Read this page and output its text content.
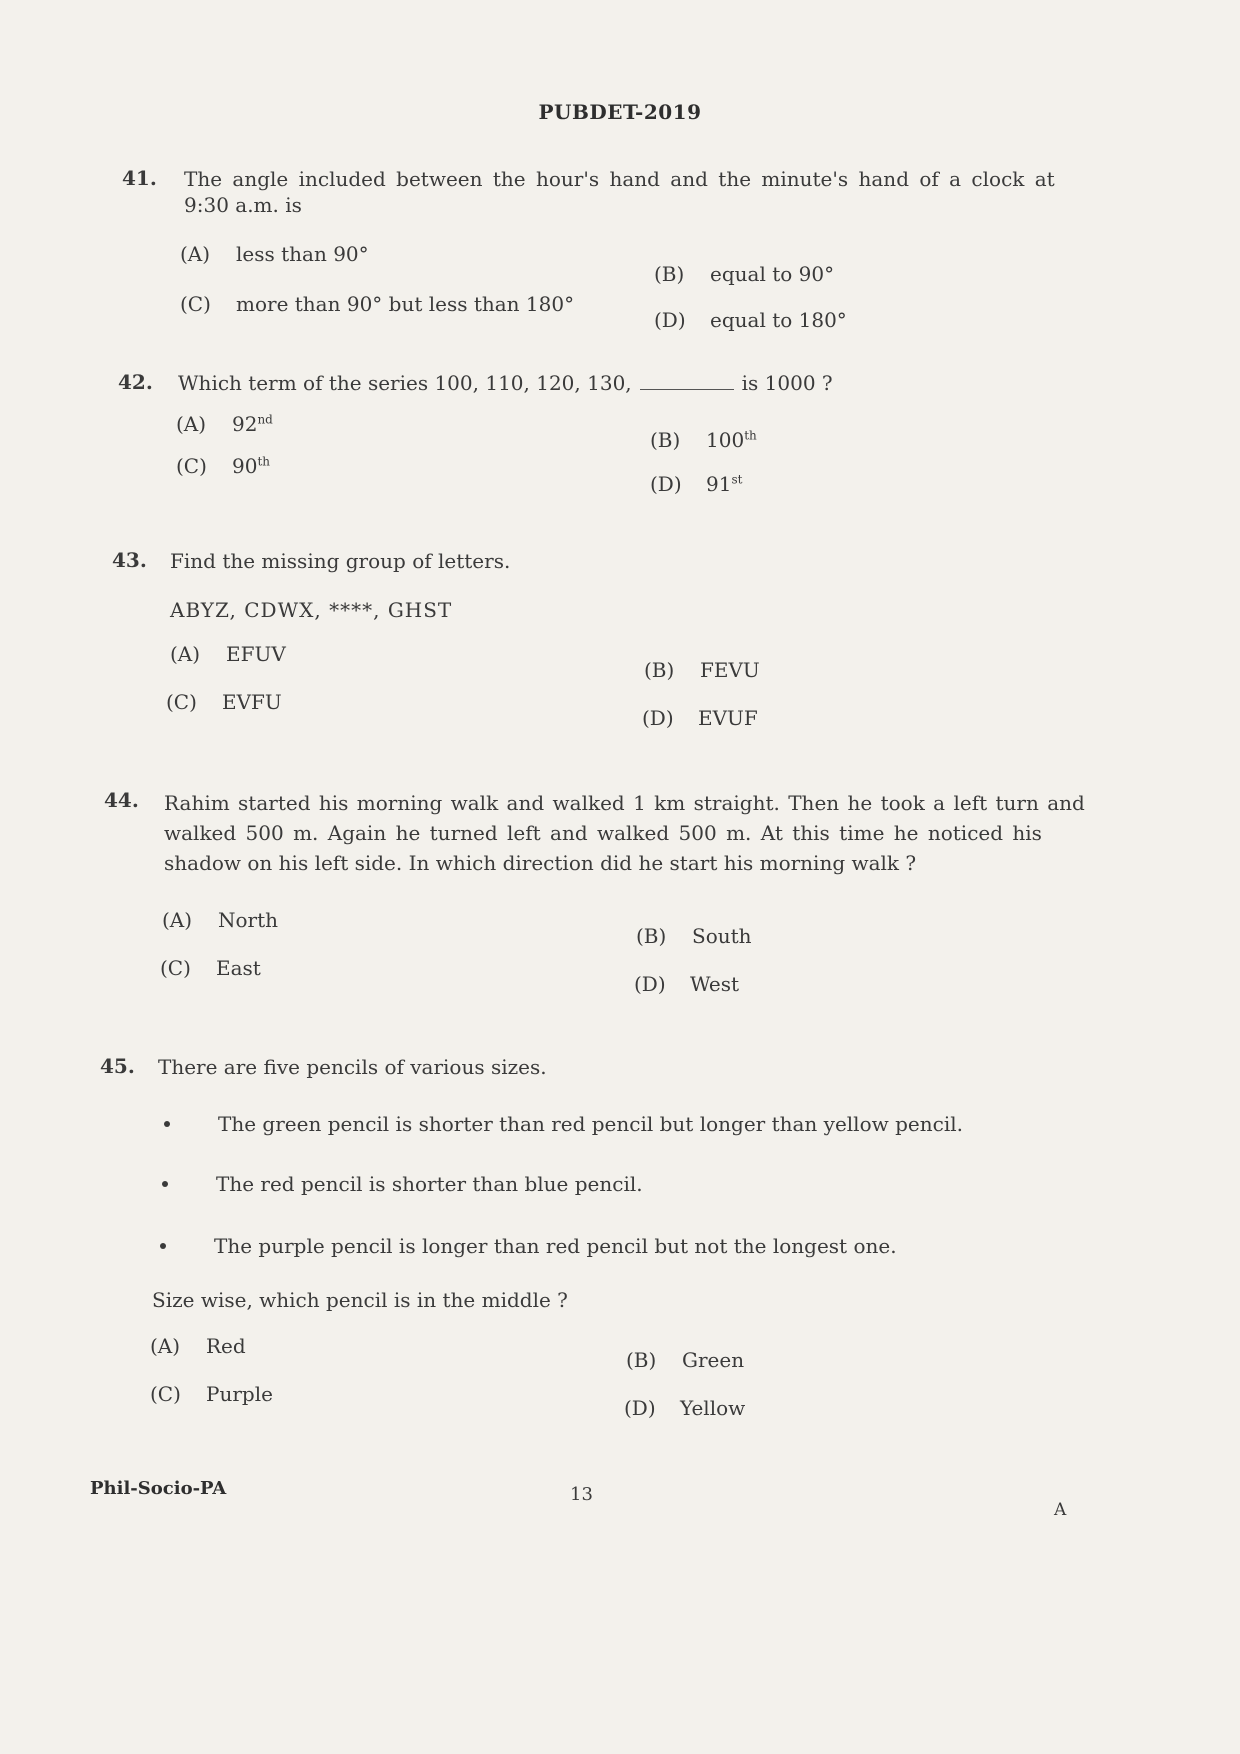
PUBDET-2019
41. The angle included between the hour's hand and the minute's hand of a clock at
9:30 a.m. is
(A) less than 90°
(B) equal to 90°
(C) more than 90° but less than 180°
(D) equal to 180°
42. Which term of the series 100, 110, 120, 130,	is 1000 ?
(A) 92nd
(B) 100th
(C) 90th
(D) 91st
43. Find the missing group of letters.
ABYZ, CDWX, ****, GHST
(A) EFUV
(B) FEVU
(C) EVFU
(D) EVUF
44. Rahim started his morning walk and walked 1 km straight. Then he took a left turn and
walked 500 m. Again he turned left and walked 500 m. At this time he noticed his
shadow on his left side. In which direction did he start his morning walk ?
(A) North
(B) South
(C) East
(D) West
45. There are five pencils of various sizes.
The green pencil is shorter than red pencil but longer than yellow pencil.
The red pencil is shorter than blue pencil.
The purple pencil is longer than red pencil but not the longest one.
Size wise, which pencil is in the middle ?
(A) Red
(B) Green
(C) Purple
(D) Yellow
Phil-Socio-PA	13
A
